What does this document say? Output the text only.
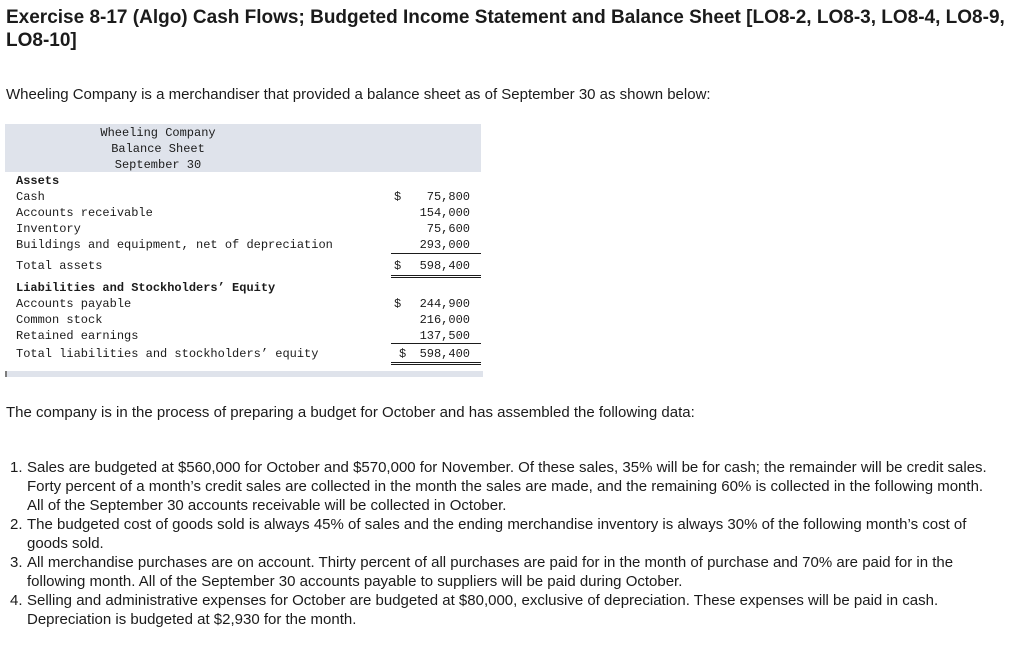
Exercise 8-17 (Algo) Cash Flows; Budgeted Income Statement and Balance Sheet [LO8-2, LO8-3, LO8-4, LO8-9, LO8-10]

Wheeling Company is a merchandiser that provided a balance sheet as of September 30 as shown below:

Wheeling Company
Balance Sheet
September 30
Assets
Cash	$ 75,800
Accounts receivable	154,000
Inventory	75,600
Buildings and equipment, net of depreciation	293,000
Total assets	$ 598,400
Liabilities and Stockholders’ Equity
Accounts payable	$ 244,900
Common stock	216,000
Retained earnings	137,500
Total liabilities and stockholders’ equity	$ 598,400

The company is in the process of preparing a budget for October and has assembled the following data:

1. Sales are budgeted at $560,000 for October and $570,000 for November. Of these sales, 35% will be for cash; the remainder will be credit sales. Forty percent of a month’s credit sales are collected in the month the sales are made, and the remaining 60% is collected in the following month. All of the September 30 accounts receivable will be collected in October.
2. The budgeted cost of goods sold is always 45% of sales and the ending merchandise inventory is always 30% of the following month’s cost of goods sold.
3. All merchandise purchases are on account. Thirty percent of all purchases are paid for in the month of purchase and 70% are paid for in the following month. All of the September 30 accounts payable to suppliers will be paid during October.
4. Selling and administrative expenses for October are budgeted at $80,000, exclusive of depreciation. These expenses will be paid in cash. Depreciation is budgeted at $2,930 for the month.
